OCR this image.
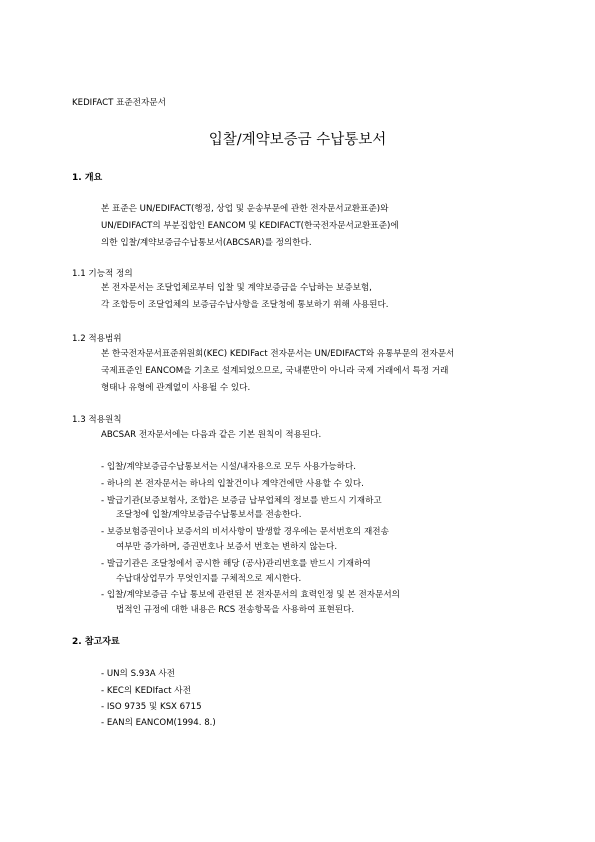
KEDIFACT 표준전자문서
입찰/계약보증금 수납통보서
1. 개요
본 표준은 UN/EDIFACT(행정, 상업 및 운송부문에 관한 전자문서교환표준)와
UN/EDIFACT의 부분집합인 EANCOM 및 KEDIFACT(한국전자문서교환표준)에
의한 입찰/계약보증금수납통보서(ABCSAR)를 정의한다.
1.1 기능적 정의
본 전자문서는 조달업체로부터 입찰 및 계약보증금을 수납하는 보증보험,
각 조합등이 조달업체의 보증금수납사항을 조달청에 통보하기 위해 사용된다.
1.2 적용범위
본 한국전자문서표준위원회(KEC) KEDIFact 전자문서는 UN/EDIFACT와 유통부문의 전자문서
국제표준인 EANCOM을 기초로 설계되었으므로, 국내뿐만이 아니라 국제 거래에서 특정 거래
형태나 유형에 관계없이 사용될 수 있다.
1.3 적용원칙
ABCSAR 전자문서에는 다음과 같은 기본 원칙이 적용된다.
- 입찰/계약보증금수납통보서는 시설/내자용으로 모두 사용가능하다.
- 하나의 본 전자문서는 하나의 입찰건이나 계약건에만 사용할 수 있다.
- 발급기관(보증보험사, 조합)은 보증금 납부업체의 정보를 반드시 기재하고
조달청에 입찰/계약보증금수납통보서를 전송한다.
- 보증보험증권이나 보증서의 비서사항이 발생할 경우에는 문서번호의 재전송
여부만 증가하며, 증권번호나 보증서 번호는 변하지 않는다.
- 발급기관은 조달청에서 공시한 해당 (공사)관리번호를 반드시 기재하여
수납대상업무가 무엇인지를 구체적으로 제시한다.
- 입찰/계약보증금 수납 통보에 관련된 본 전자문서의 효력인정 및 본 전자문서의
법적인 규정에 대한 내용은 RCS 전송항목을 사용하여 표현된다.
2. 참고자료
- UN의 S.93A 사전
- KEC의 KEDIfact 사전
- ISO 9735 및 KSX 6715
- EAN의 EANCOM(1994. 8.)
